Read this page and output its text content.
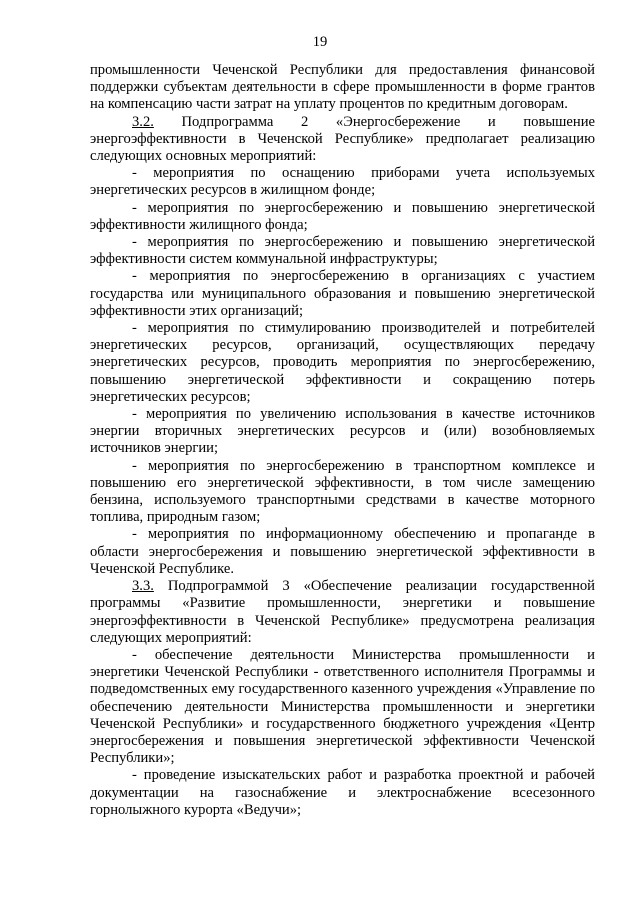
19

промышленности Чеченской Республики для предоставления финансовой поддержки субъектам деятельности в сфере промышленности в форме грантов на компенсацию части затрат на уплату процентов по кредитным договорам.

3.2. Подпрограмма 2 «Энергосбережение и повышение энергоэффективности в Чеченской Республике» предполагает реализацию следующих основных мероприятий:

- мероприятия по оснащению приборами учета используемых энергетических ресурсов в жилищном фонде;

- мероприятия по энергосбережению и повышению энергетической эффективности жилищного фонда;

- мероприятия по энергосбережению и повышению энергетической эффективности систем коммунальной инфраструктуры;

- мероприятия по энергосбережению в организациях с участием государства или муниципального образования и повышению энергетической эффективности этих организаций;

- мероприятия по стимулированию производителей и потребителей энергетических ресурсов, организаций, осуществляющих передачу энергетических ресурсов, проводить мероприятия по энергосбережению, повышению энергетической эффективности и сокращению потерь энергетических ресурсов;

- мероприятия по увеличению использования в качестве источников энергии вторичных энергетических ресурсов и (или) возобновляемых источников энергии;

- мероприятия по энергосбережению в транспортном комплексе и повышению его энергетической эффективности, в том числе замещению бензина, используемого транспортными средствами в качестве моторного топлива, природным газом;

- мероприятия по информационному обеспечению и пропаганде в области энергосбережения и повышению энергетической эффективности в Чеченской Республике.

3.3. Подпрограммой 3 «Обеспечение реализации государственной программы «Развитие промышленности, энергетики и повышение энергоэффективности в Чеченской Республике» предусмотрена реализация следующих мероприятий:

- обеспечение деятельности Министерства промышленности и энергетики Чеченской Республики - ответственного исполнителя Программы и подведомственных ему государственного казенного учреждения «Управление по обеспечению деятельности Министерства промышленности и энергетики Чеченской Республики» и государственного бюджетного учреждения «Центр энергосбережения и повышения энергетической эффективности Чеченской Республики»;

- проведение изыскательских работ и разработка проектной и рабочей документации на газоснабжение и электроснабжение всесезонного горнолыжного курорта «Ведучи»;
